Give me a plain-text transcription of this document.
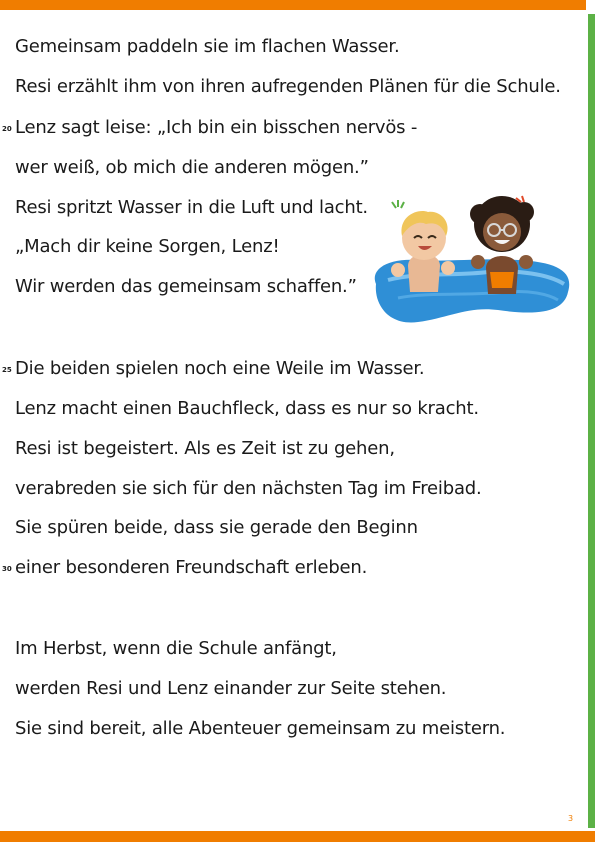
Gemeinsam paddeln sie im flachen Wasser.

Resi erzählt ihm von ihren aufregenden Plänen für die Schule.

20 Lenz sagt leise: „Ich bin ein bisschen nervös -

wer weiß, ob mich die anderen mögen.”

Resi spritzt Wasser in die Luft und lacht.

„Mach dir keine Sorgen, Lenz!

Wir werden das gemeinsam schaffen.”

25 Die beiden spielen noch eine Weile im Wasser.

Lenz macht einen Bauchfleck, dass es nur so kracht.

Resi ist begeistert. Als es Zeit ist zu gehen,

verabreden sie sich für den nächsten Tag im Freibad.

Sie spüren beide, dass sie gerade den Beginn

30 einer besonderen Freundschaft erleben.

Im Herbst, wenn die Schule anfängt,

werden Resi und Lenz einander zur Seite stehen.

Sie sind bereit, alle Abenteuer gemeinsam zu meistern.

3
